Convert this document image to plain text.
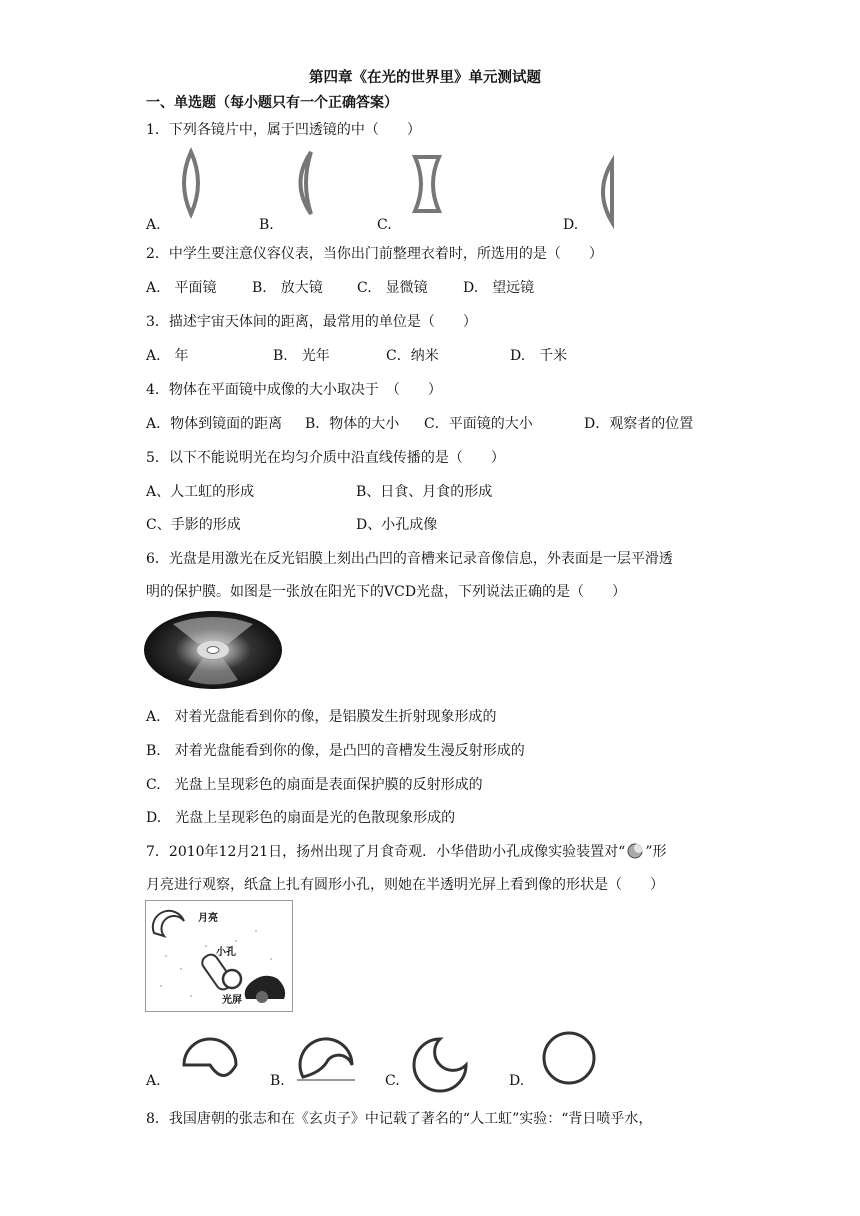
第四章《在光的世界里》单元测试题
一、单选题（每小题只有一个正确答案）
1．下列各镜片中，属于凹透镜的中（　　）
A.	B.	C.	D.
2．中学生要注意仪容仪表，当你出门前整理衣着时，所选用的是（　　）
A.　平面镜	B.　放大镜 C.　显微镜	D.　望远镜
3．描述宇宙天体间的距离，最常用的单位是（　　）
A.　年	B.　光年	C．纳米	D.　千米
4．物体在平面镜中成像的大小取决于　（　　）
A．物体到镜面的距离 B．物体的大小 C．平面镜的大小	D．观察者的位置
5．以下不能说明光在均匀介质中沿直线传播的是（　　）
A、人工虹的形成	B、日食、月食的形成
C、手影的形成	D、小孔成像
6．光盘是用激光在反光铝膜上刻出凸凹的音槽来记录音像信息，外表面是一层平滑透
明的保护膜。如图是一张放在阳光下的VCD光盘，下列说法正确的是（　　）
A.　对着光盘能看到你的像，是铝膜发生折射现象形成的
B.　对着光盘能看到你的像，是凸凹的音槽发生漫反射形成的
C.　光盘上呈现彩色的扇面是表面保护膜的反射形成的
D.　光盘上呈现彩色的扇面是光的色散现象形成的
7．2010年12月21日，扬州出现了月食奇观．小华借助小孔成像实验装置对“ ”形
月亮进行观察，纸盒上扎有圆形小孔，则她在半透明光屏上看到像的形状是（　　）
月亮
小孔
光屏
A.	B.	C.	D.
8．我国唐朝的张志和在《玄贞子》中记载了著名的“人工虹”实验：“背日喷乎水，
